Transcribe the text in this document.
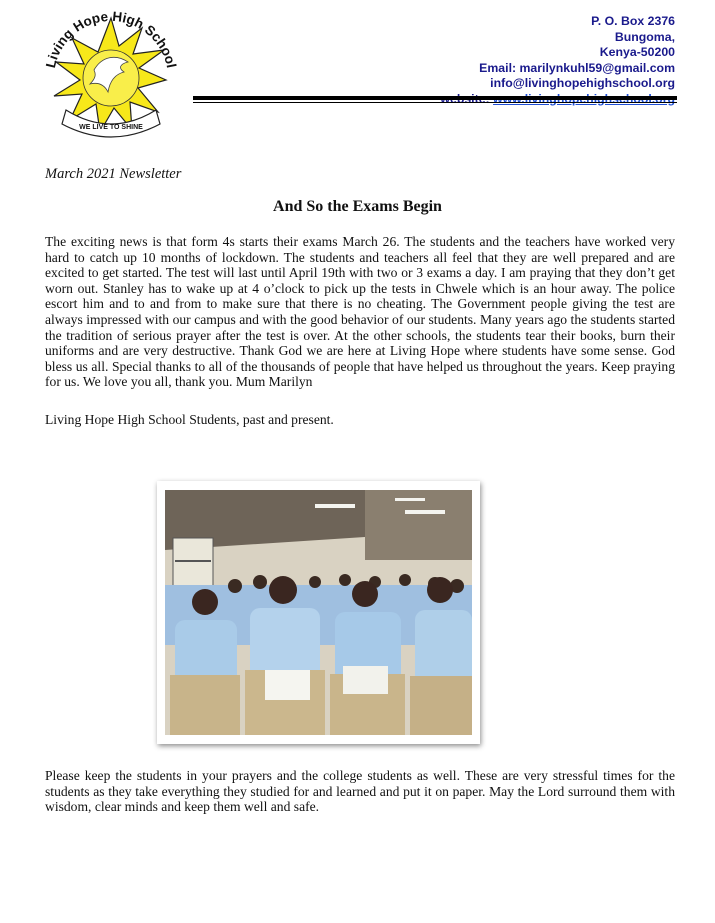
Living Hope High School
WE LIVE TO SHINE
P. O. Box 2376
Bungoma,
Kenya-50200
Email: marilynkuhl59@gmail.com
info@livinghopehighschool.org
March 2021 Newsletter
And So the Exams Begin
The exciting news is that form 4s starts their exams March 26. The students and the teachers have worked very hard to catch up 10 months of lockdown. The students and teachers all feel that they are well prepared and are excited to get started. The test will last until April 19th with two or 3 exams a day. I am praying that they don’t get worn out. Stanley has to wake up at 4 o’clock to pick up the tests in Chwele which is an hour away. The police escort him and to and from to make sure that there is no cheating. The Government people giving the test are always impressed with our campus and with the good behavior of our students. Many years ago the students started the tradition of serious prayer after the test is over. At the other schools, the students tear their books, burn their uniforms and are very destructive. Thank God we are here at Living Hope where students have some sense. God bless us all. Special thanks to all of the thousands of people that have helped us throughout the years. Keep praying for us. We love you all, thank you. Mum Marilyn
Living Hope High School Students, past and present.
Please keep the students in your prayers and the college students as well. These are very stressful times for the students as they take everything they studied for and learned and put it on paper. May the Lord surround them with wisdom, clear minds and keep them well and safe.
